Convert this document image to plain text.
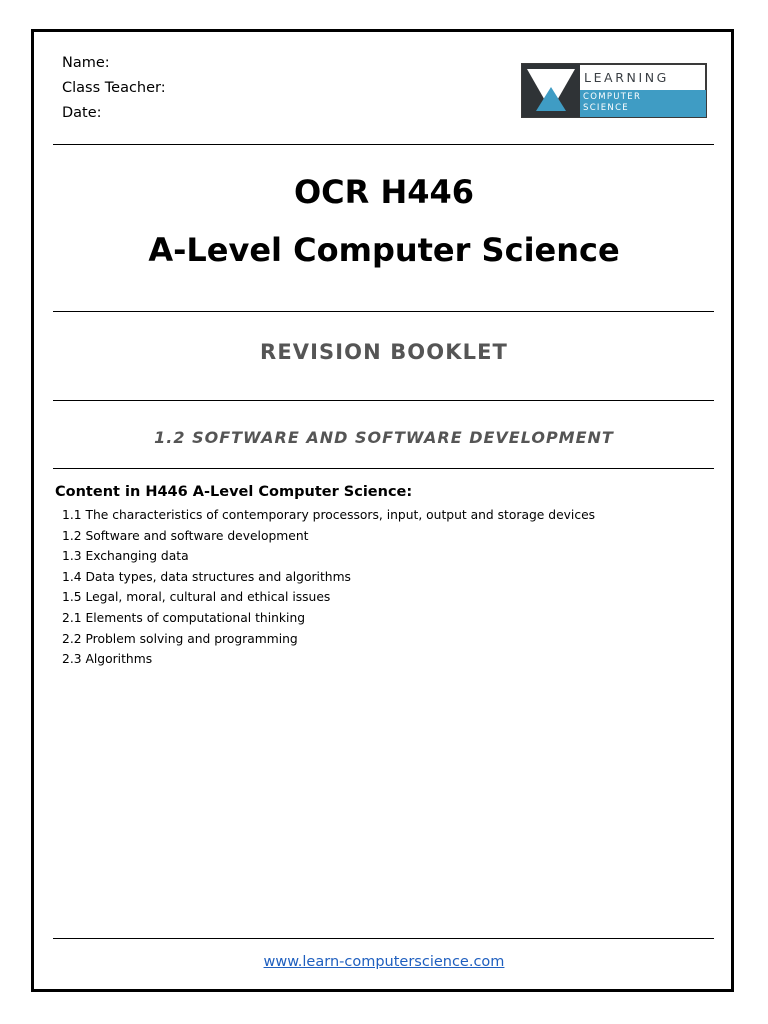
Name:
Class Teacher:
Date:
LEARNING
COMPUTER
SCIENCE
OCR H446
A-Level Computer Science
REVISION BOOKLET
1.2 SOFTWARE AND SOFTWARE DEVELOPMENT
Content in H446 A-Level Computer Science:
1.1 The characteristics of contemporary processors, input, output and storage devices
1.2 Software and software development
1.3 Exchanging data
1.4 Data types, data structures and algorithms
1.5 Legal, moral, cultural and ethical issues
2.1 Elements of computational thinking
2.2 Problem solving and programming
2.3 Algorithms
www.learn-computerscience.com
